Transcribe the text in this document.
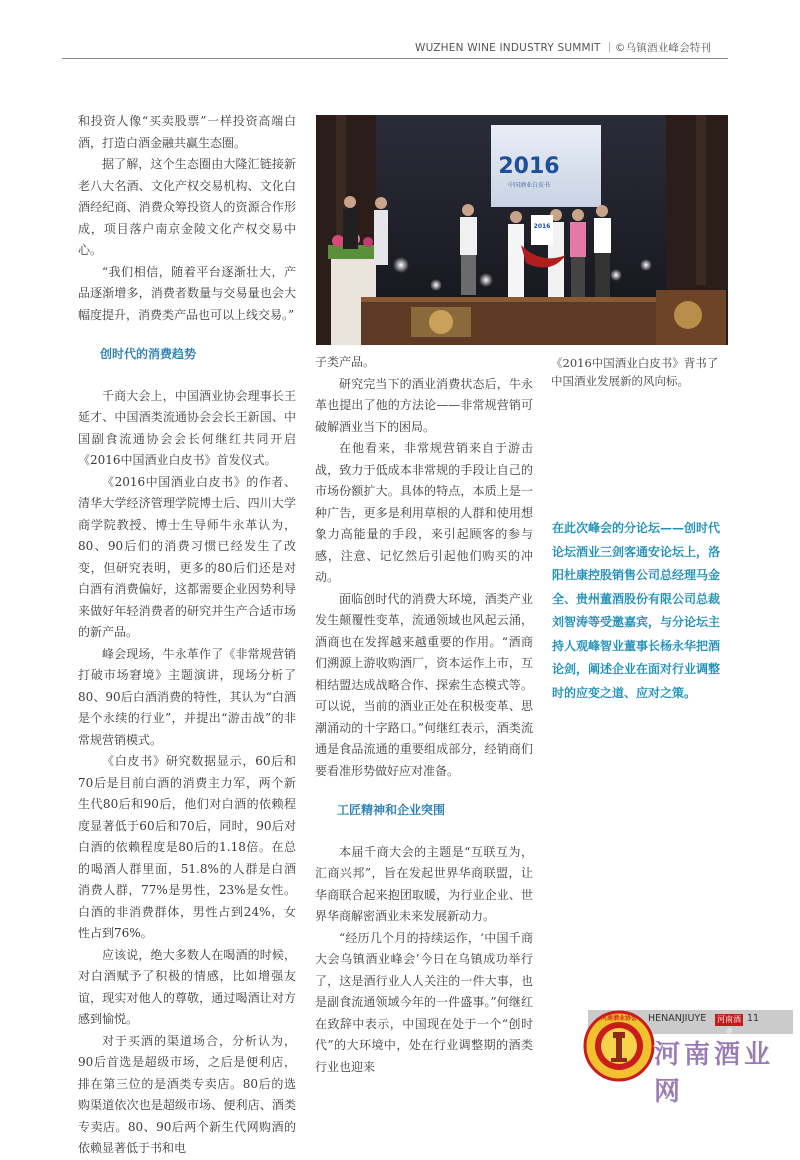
WUZHEN WINE INDUSTRY SUMMIT ｜©乌镇酒业峰会特刊

和投资人像“买卖股票”一样投资高端白酒，打造白酒金融共赢生态圈。

据了解，这个生态圈由大隆汇链接新老八大名酒、文化产权交易机构、文化白酒经纪商、消费众筹投资人的资源合作形成，项目落户南京金陵文化产权交易中心。

“我们相信，随着平台逐渐壮大，产品逐渐增多，消费者数量与交易量也会大幅度提升，消费类产品也可以上线交易。”

创时代的消费趋势

千商大会上，中国酒业协会理事长王延才、中国酒类流通协会会长王新国、中国副食流通协会会长何继红共同开启《2016中国酒业白皮书》首发仪式。

《2016中国酒业白皮书》的作者、清华大学经济管理学院博士后、四川大学商学院教授、博士生导师牛永革认为，80、90后们的消费习惯已经发生了改变，但研究表明，更多的80后们还是对白酒有消费偏好，这都需要企业因势利导来做好年轻消费者的研究并生产合适市场的新产品。

峰会现场，牛永革作了《非常规营销打破市场窘境》主题演讲，现场分析了80、90后白酒消费的特性，其认为“白酒是个永续的行业”，并提出“游击战”的非常规营销模式。

《白皮书》研究数据显示，60后和70后是目前白酒的消费主力军，两个新生代80后和90后，他们对白酒的依赖程度显著低于60后和70后，同时，90后对白酒的依赖程度是80后的1.18倍。在总的喝酒人群里面，51.8%的人群是白酒消费人群，77%是男性，23%是女性。白酒的非消费群体，男性占到24%，女性占到76%。

应该说，绝大多数人在喝酒的时候，对白酒赋予了积极的情感，比如增强友谊，现实对他人的尊敬，通过喝酒让对方感到愉悦。

对于买酒的渠道场合，分析认为，90后首选是超级市场，之后是便利店，排在第三位的是酒类专卖店。80后的选购渠道依次也是超级市场、便利店、酒类专卖店。80、90后两个新生代网购酒的依赖显著低于书和电

子类产品。

研究完当下的酒业消费状态后，牛永革也提出了他的方法论——非常规营销可破解酒业当下的困局。

在他看来，非常规营销来自于游击战，致力于低成本非常规的手段让自己的市场份额扩大。具体的特点，本质上是一种广告，更多是利用草根的人群和使用想象力高能量的手段，来引起顾客的参与感，注意、记忆然后引起他们购买的冲动。

面临创时代的消费大环境，酒类产业发生颠覆性变革，流通领域也风起云涌，酒商也在发挥越来越重要的作用。“酒商们溯源上游收购酒厂，资本运作上市，互相结盟达成战略合作、探索生态模式等。可以说，当前的酒业正处在积极变革、思潮涌动的十字路口。”何继红表示，酒类流通是食品流通的重要组成部分，经销商们要看准形势做好应对准备。

工匠精神和企业突围

本届千商大会的主题是“互联互为，汇商兴邦”，旨在发起世界华商联盟，让华商联合起来抱团取暖，为行业企业、世界华商解密酒业未来发展新动力。

“经历几个月的持续运作，‘中国千商大会乌镇酒业峰会’今日在乌镇成功举行了，这是酒行业人人关注的一件大事，也是副食流通领域今年的一件盛事。”何继红在致辞中表示，中国现在处于一个“创时代”的大环境中，处在行业调整期的酒类行业也迎来

2016
中国酒业白皮书
2016
《2016中国酒业白皮书》背书了中国酒业发展新的风向标。
在此次峰会的分论坛——创时代论坛酒业三剑客通安论坛上，洛阳杜康控股销售公司总经理马金全、贵州董酒股份有限公司总裁刘智涛等受邀嘉宾，与分论坛主持人观峰智业董事长杨永华把酒论剑，阐述企业在面对行业调整时的应变之道、应对之策。
HENANJIUYE 河南酒业
11
河南酒业协会
河南酒业网
